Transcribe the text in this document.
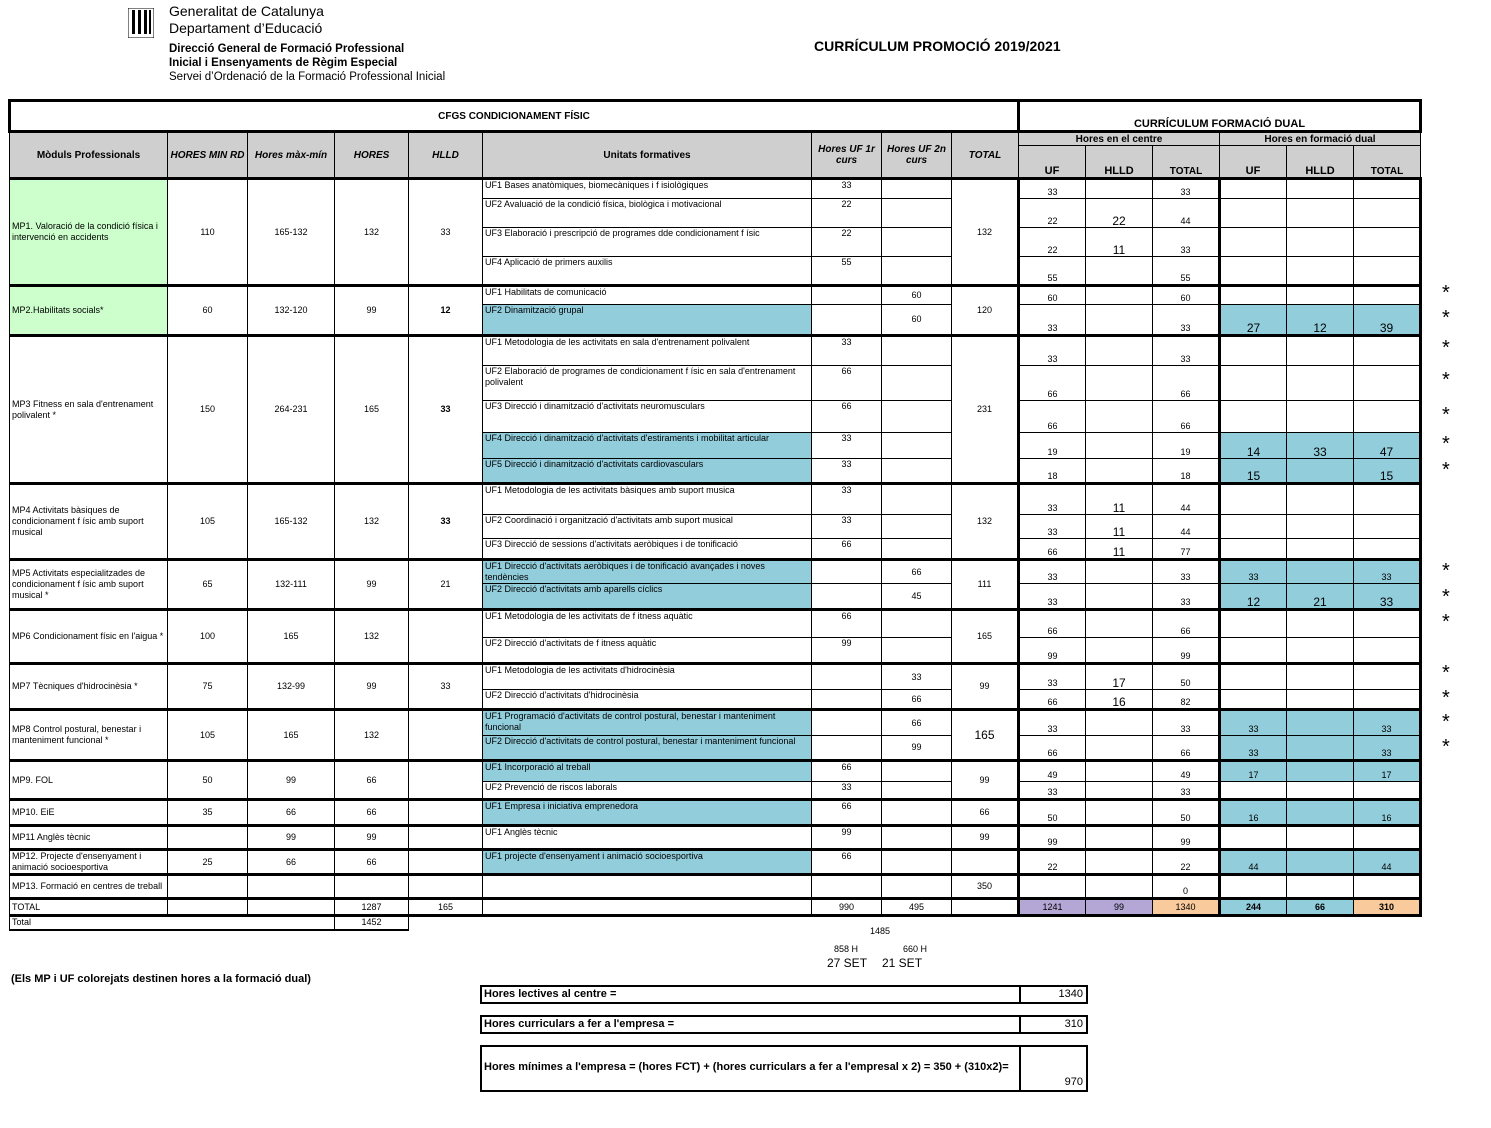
Generalitat de Catalunya
Departament d’Educació
Direcció General de Formació Professional
Inicial i Ensenyaments de Règim Especial
Servei d’Ordenació de la Formació Professional Inicial
CURRÍCULUM PROMOCIÓ 2019/2021
CFGS CONDICIONAMENT FÍSIC									CURRÍCULUM FORMACIÓ DUAL					
Mòduls Professionals	HORES MIN RD	Hores màx-mín	HORES	HLLD	Unitats formatives	Hores UF 1r curs	Hores UF 2n curs	TOTAL	Hores en el centre			Hores en formació dual		
									UF	HLLD	TOTAL	UF	HLLD	TOTAL
MP1. Valoració de la condició física i intervenció en accidents	110	165-132	132	33	UF1 Bases anatòmiques, biomecàniques i f isiològiques	33		132	33		33			
					UF2 Avaluació de la condició física, biològica i motivacional	22			22	22	44			
					UF3 Elaboració i prescripció de programes dde condicionament f ísic	22			22	11	33			
					UF4 Aplicació de primers auxilis	55			55		55			
MP2.Habilitats socials*	60	132-120	99	12	UF1 Habilitats de comunicació		60	120	60		60			
					UF2 Dinamització grupal		60		33		33	27	12	39
MP3 Fitness en sala d'entrenament polivalent *	150	264-231	165	33	UF1 Metodologia de les activitats en sala d'entrenament polivalent	33		231	33		33			
					UF2 Elaboració de programes de condicionament f ísic en sala d'entrenament polivalent	66			66		66			
					UF3 Direcció i dinamització d'activitats neuromusculars	66			66		66			
					UF4 Direcció i dinamització d'activitats d'estiraments i mobilitat articular	33			19		19	14	33	47
					UF5 Direcció i dinamització d'activitats cardiovasculars	33			18		18	15		15
MP4 Activitats bàsiques de condicionament f ísic amb suport musical	105	165-132	132	33	UF1 Metodologia de les activitats bàsiques amb suport musica	33		132	33	11	44			
					UF2 Coordinació i organització d'activitats amb suport musical	33			33	11	44			
					UF3 Direcció de sessions d'activitats aeròbiques i de tonificació	66			66	11	77			
MP5 Activitats especialitzades de condicionament f ísic amb suport musical *	65	132-111	99	21	UF1 Direcció d'activitats aeròbiques i de tonificació avançades i noves tendències		66	111	33		33	33		33
					UF2 Direcció d'activitats amb aparells cíclics		45		33		33	12	21	33
MP6 Condicionament físic en l'aigua *	100	165	132		UF1 Metodologia de les activitats de f itness aquàtic	66		165	66		66			
					UF2 Direcció d'activitats de f itness aquàtic	99			99		99			
MP7 Tècniques d'hidrocinèsia *	75	132-99	99	33	UF1 Metodologia de les activitats d'hidrocinèsia		33	99	33	17	50			
					UF2 Direcció d'activitats d'hidrocinèsia		66		66	16	82			
MP8 Control postural, benestar i manteniment funcional *	105	165	132		UF1 Programació d'activitats de control postural, benestar i manteniment funcional		66	165	33		33	33		33
					UF2 Direcció d'activitats de control postural, benestar i manteniment funcional		99		66		66	33		33
MP9. FOL	50	99	66		UF1 Incorporació al treball	66		99	49		49	17		17
					UF2 Prevenció de riscos laborals	33			33		33			
MP10. EiE	35	66	66		UF1 Empresa i iniciativa emprenedora	66		66	50		50	16		16
MP11 Anglès tècnic		99	99		UF1 Anglès tècnic	99		99	99		99			
MP12. Projecte d'ensenyament i animació socioesportiva	25	66	66		UF1 projecte d'ensenyament i animació socioesportiva	66			22		22	44		44
MP13. Formació en centres de treball								350			0			
TOTAL			1287	165		990	495		1241	99	1340	244	66	310
Total			1452											
1485
858 H	660 H
27 SET 21 SET
(Els MP i UF colorejats destinen hores a la formació dual)
Hores lectives al centre =	1340
Hores curriculars a fer a l'empresa =	310
Hores mínimes a l'empresa = (hores FCT) + (hores curriculars a fer a l'empresal x 2) = 350 + (310x2)=
970
*
*
*
*
*
*
*
*
*
*
*
*
*
*
